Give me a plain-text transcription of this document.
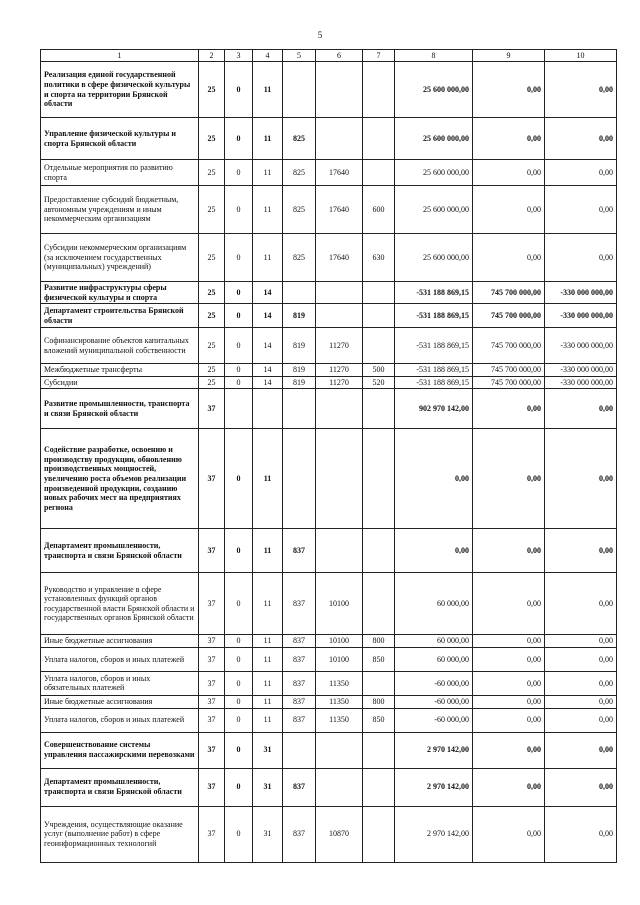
5
1	2	3	4	5	6	7	8	9	10
Реализация единой государственной политики в сфере физической культуры и спорта на территории Брянской области	25	0	11				25 600 000,00	0,00	0,00
Управление физической культуры и спорта Брянской области	25	0	11	825			25 600 000,00	0,00	0,00
Отдельные мероприятия по развитию спорта	25	0	11	825	17640		25 600 000,00	0,00	0,00
Предоставление субсидий бюджетным, автономным учреждениям и иным некоммерческим организациям	25	0	11	825	17640	600	25 600 000,00	0,00	0,00
Субсидии некоммерческим организациям (за исключением государственных (муниципальных) учреждений)	25	0	11	825	17640	630	25 600 000,00	0,00	0,00
Развитие инфраструктуры сферы физической культуры и спорта	25	0	14				-531 188 869,15	745 700 000,00	-330 000 000,00
Департамент строительства Брянской области	25	0	14	819			-531 188 869,15	745 700 000,00	-330 000 000,00
Софинансирование объектов капитальных вложений муниципальной собственности	25	0	14	819	11270		-531 188 869,15	745 700 000,00	-330 000 000,00
Межбюджетные трансферты	25	0	14	819	11270	500	-531 188 869,15	745 700 000,00	-330 000 000,00
Субсидии	25	0	14	819	11270	520	-531 188 869,15	745 700 000,00	-330 000 000,00
Развитие промышленности, транспорта и связи Брянской области	37						902 970 142,00	0,00	0,00
Содействие разработке, освоению и производству продукции, обновлению производственных мощностей, увеличению роста объемов реализации произведенной продукции, созданию новых рабочих мест на предприятиях региона	37	0	11				0,00	0,00	0,00
Департамент промышленности, транспорта и связи Брянской области	37	0	11	837			0,00	0,00	0,00
Руководство и управление в сфере установленных функций органов государственной власти Брянской области и государственных органов Брянской области	37	0	11	837	10100		60 000,00	0,00	0,00
Иные бюджетные ассигнования	37	0	11	837	10100	800	60 000,00	0,00	0,00
Уплата налогов, сборов и иных платежей	37	0	11	837	10100	850	60 000,00	0,00	0,00
Уплата налогов, сборов и иных обязательных платежей	37	0	11	837	11350		-60 000,00	0,00	0,00
Иные бюджетные ассигнования	37	0	11	837	11350	800	-60 000,00	0,00	0,00
Уплата налогов, сборов и иных платежей	37	0	11	837	11350	850	-60 000,00	0,00	0,00
Совершенствование системы управления пассажирскими перевозками	37	0	31				2 970 142,00	0,00	0,00
Департамент промышленности, транспорта и связи Брянской области	37	0	31	837			2 970 142,00	0,00	0,00
Учреждения, осуществляющие оказание услуг (выполнение работ) в сфере геоинформационных технологий	37	0	31	837	10870		2 970 142,00	0,00	0,00
